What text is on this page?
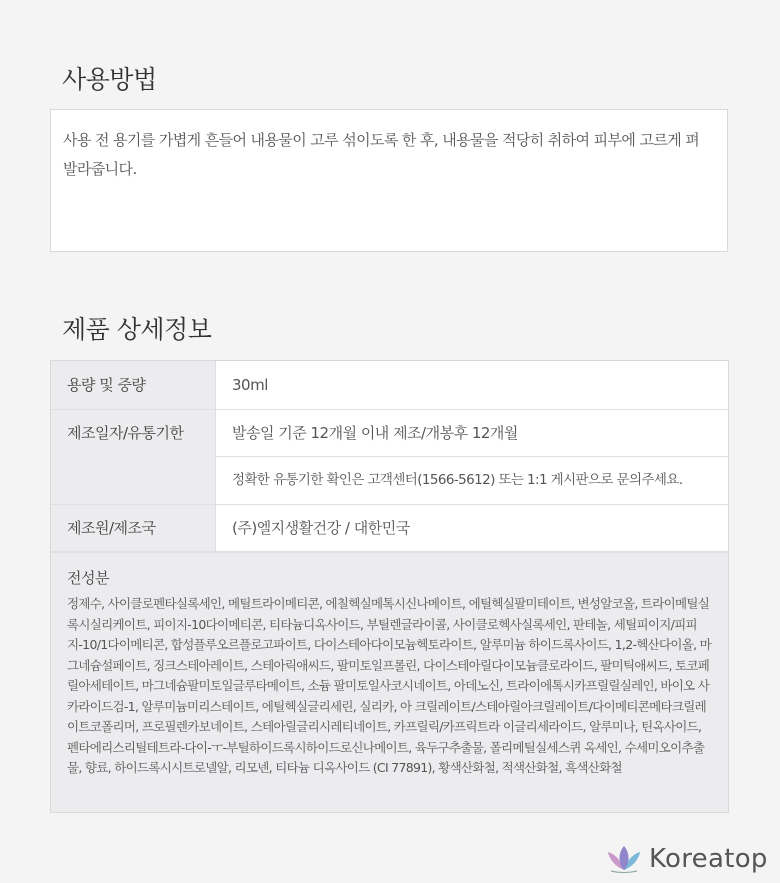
사용방법
사용 전 용기를 가볍게 흔들어 내용물이 고루 섞이도록 한 후, 내용물을 적당히 취하여 피부에 고르게 펴 발라줍니다.
제품 상세정보
용량 및 중량	30ml
제조일자/유통기한	발송일 기준 12개월 이내 제조/개봉후 12개월
정확한 유통기한 확인은 고객센터(1566-5612) 또는 1:1 게시판으로 문의주세요.
제조원/제조국	(주)엘지생활건강 / 대한민국
전성분
정제수, 사이클로펜타실록세인, 메틸트라이메티콘, 에칠헥실메톡시신나메이트, 에틸헥실팔미테이트, 변성알코올, 트라이메틸실록시실리케이트, 피이지-10다이메티콘, 티타늄디옥사이드, 부틸렌글라이콜, 사이클로헥사실록세인, 판테놀, 세틸피이지/피피지-10/1다이메티콘, 합성플루오르플로고파이트, 다이스테아다이모늄헥토라이트, 알루미늄 하이드록사이드, 1,2-헥산다이올, 마그네슘설페이트, 징크스테아레이트, 스테아릭애씨드, 팔미토일프롤린, 다이스테아릴다이모늄클로라이드, 팔미틱애씨드, 토코페릴아세테이트, 마그네슘팔미토일글루타메이트, 소듐 팔미토일사코시네이트, 아데노신, 트라이에톡시카프릴릴실레인, 바이오 사카라이드검-1, 알루미늄미리스테이트, 에틸헥실글리세린, 실리카, 아 크릴레이트/스테아릴아크릴레이트/다이메티콘메타크릴레이트코폴리머, 프로필렌카보네이트, 스테아릴글리시레티네이트, 카프릴릭/카프릭트라 이글리세라이드, 알루미나, 틴옥사이드, 펜타에리스리틸테트라-다이-ㅜ-부틸하이드록시하이드로신나메이트, 육두구추출물, 폴리메틸실세스퀴 옥세인, 수세미오이추출물, 향료, 하이드록시시트로넬알, 리모넨, 티타늄 디옥사이드 (CI 77891), 황색산화철, 적색산화철, 흑색산화철
Koreatop
